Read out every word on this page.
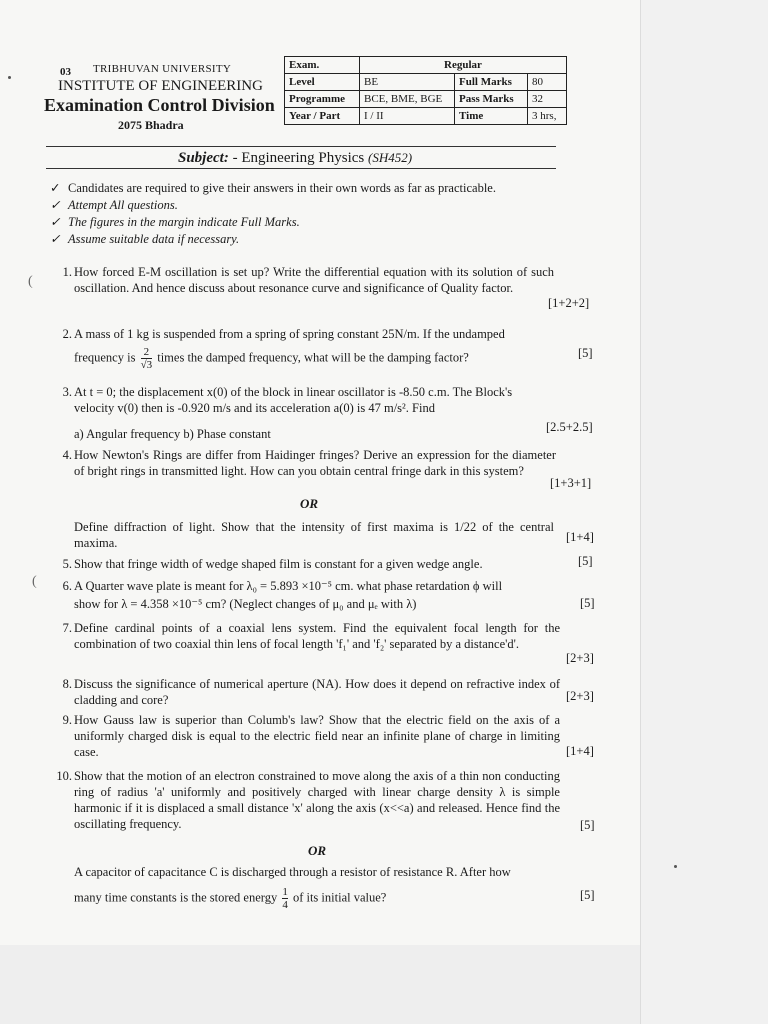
03 TRIBHUVAN UNIVERSITY
INSTITUTE OF ENGINEERING
Examination Control Division
2075 Bhadra
Exam.	Regular		
Level	BE	Full Marks	80
Programme	BCE, BME, BGE	Pass Marks	32
Year / Part	I / II	Time	3 hrs,
Subject: - Engineering Physics (SH452)
✓ Candidates are required to give their answers in their own words as far as practicable.
✓ Attempt All questions.
✓ The figures in the margin indicate Full Marks.
✓ Assume suitable data if necessary.
(
1. How forced E-M oscillation is set up? Write the differential equation with its solution of such oscillation. And hence discuss about resonance curve and significance of Quality factor.
[1+2+2]
2. A mass of 1 kg is suspended from a spring of spring constant 25N/m. If the undamped
frequency is $\frac{2}{√3}$ times the damped frequency, what will be the damping factor?	[5]
3. At t = 0; the displacement x(0) of the block in linear oscillator is -8.50 c.m. The Block's
velocity v(0) then is -0.920 m/s and its acceleration a(0) is 47 m/s². Find
a) Angular frequency b) Phase constant	[2.5+2.5]
4. How Newton's Rings are differ from Haidinger fringes? Derive an expression for the diameter of bright rings in transmitted light. How can you obtain central fringe dark in this system?
[1+3+1]
OR
Define diffraction of light. Show that the intensity of first maxima is 1/22 of the central maxima.	[1+4]
5. Show that fringe width of wedge shaped film is constant for a given wedge angle.	[5]
(	6. A Quarter wave plate is meant for λ₀ = 5.893 ×10⁻⁵ cm. what phase retardation ϕ will
show for λ = 4.358 ×10⁻⁵ cm? (Neglect changes of μ₀ and μₑ with λ)	[5]
7. Define cardinal points of a coaxial lens system. Find the equivalent focal length for the combination of two coaxial thin lens of focal length 'f₁' and 'f₂' separated by a distance'd'.
[2+3]
8. Discuss the significance of numerical aperture (NA). How does it depend on refractive index of cladding and core?	[2+3]
9. How Gauss law is superior than Columb's law? Show that the electric field on the axis of a uniformly charged disk is equal to the electric field near an infinite plane of charge in limiting case.	[1+4]
10. Show that the motion of an electron constrained to move along the axis of a thin non conducting ring of radius 'a' uniformly and positively charged with linear charge density λ is simple harmonic if it is displaced a small distance 'x' along the axis (x<<a) and released. Hence find the oscillating frequency.	[5]
OR
A capacitor of capacitance C is discharged through a resistor of resistance R. After how
many time constants is the stored energy $\frac{1}{4}$ of its initial value?	[5]
